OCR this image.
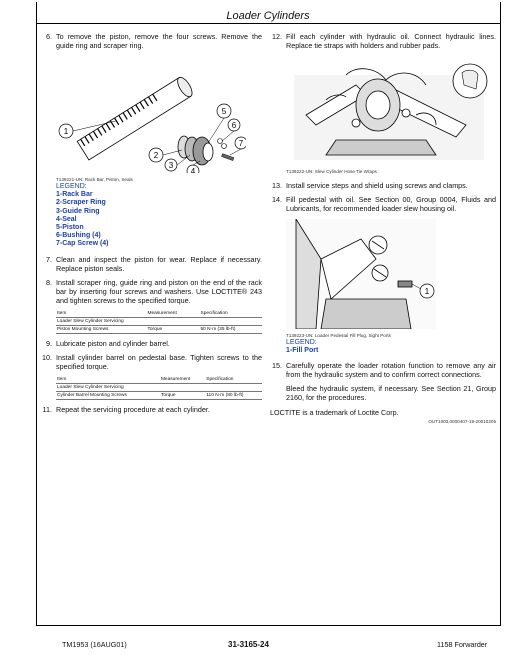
Loader Cylinders
6. To remove the piston, remove the four screws. Remove the guide ring and scraper ring.
1
2
3
4
5
6
7
T139221-UN: Rack Bar, Piston, Seals
LEGEND:
1-Rack Bar
2-Scraper Ring
3-Guide Ring
4-Seal
5-Piston
6-Bushing (4)
7-Cap Screw (4)
7. Clean and inspect the piston for wear. Replace if necessary. Replace piston seals.
8. Install scraper ring, guide ring and piston on the end of the rack bar by inserting four screws and washers. Use LOCTITE® 243 and tighten screws to the specified torque.
Item	Measurement	Specification
Loader Slew Cylinder Servicing		
Piston Mounting Screws	Torque	50 N·m (35 lb-ft)
9. Lubricate piston and cylinder barrel.
10. Install cylinder barrel on pedestal base. Tighten screws to the specified torque.
Item	Measurement	Specification
Loader Slew Cylinder Servicing		
Cylinder Barrel Mounting Screws	Torque	110 N·m (80 lb-ft)
11. Repeat the servicing procedure at each cylinder.
12. Fill each cylinder with hydraulic oil. Connect hydraulic lines. Replace tie straps with holders and rubber pads.
T139222-UN: Slew Cylinder Hose Tie Wraps
13. Install service steps and shield using screws and clamps.
14. Fill pedestal with oil. See Section 00, Group 0004, Fluids and Lubricants, for recommended loader slew housing oil.
1
T139223-UN: Loader Pedestal Fill Plug, Sight Ports
LEGEND:
1-Fill Port
15. Carefully operate the loader rotation function to remove any air from the hydraulic system and to confirm correct connections.
Bleed the hydraulic system, if necessary. See Section 21, Group 2160, for the procedures.
LOCTITE is a trademark of Loctite Corp.
OUT1003,0000407-19-20010205
TM1953 (16AUG01)	31-3165-24	1158 Forwarder
